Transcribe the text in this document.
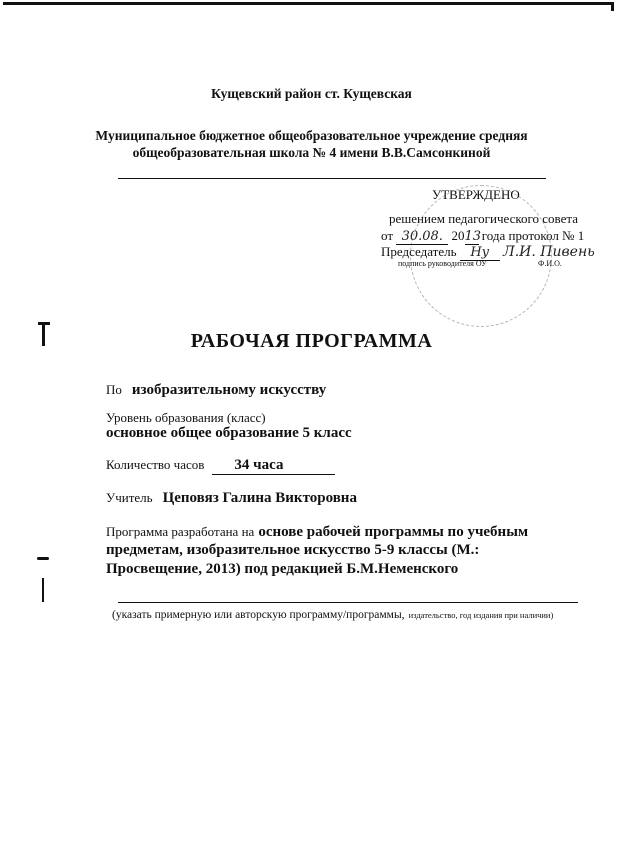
Кущевский район ст. Кущевская
Муниципальное бюджетное общеобразовательное учреждение средняя
общеобразовательная школа № 4 имени В.В.Самсонкиной
УТВЕРЖДЕНО
решением педагогического совета
от 30.08. 2013 года протокол № 1
Председатель Ну Л.И. Пивень
подпись руководителя ОУ	Ф.И.О.
РАБОЧАЯ ПРОГРАММА
По изобразительному искусству
Уровень образования (класс)
основное общее образование 5 класс
Количество часов 34 часа
Учитель Цеповяз Галина Викторовна
Программа разработана на основе рабочей программы по учебным
предметам, изобразительное искусство 5-9 классы (М.:
Просвещение, 2013) под редакцией Б.М.Неменского
(указать примерную или авторскую программу/программы, издательство, год издания при наличии)
